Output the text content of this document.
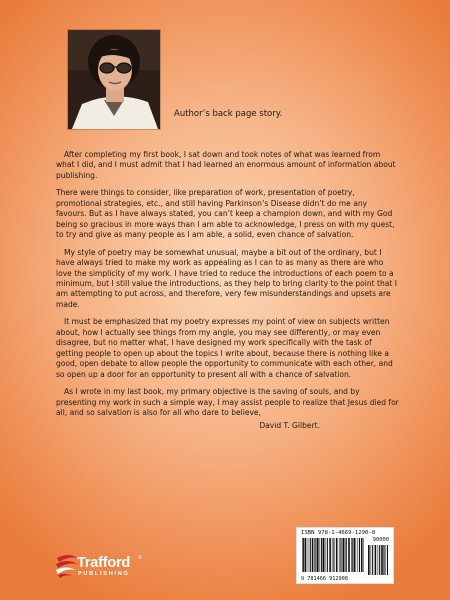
Author’s back page story.

After completing my first book, I sat down and took notes of what was learned from what I did, and I must admit that I had learned an enormous amount of information about publishing.

There were things to consider, like preparation of work, presentation of poetry, promotional strategies, etc., and still having Parkinson’s Disease didn’t do me any favours. But as I have always stated, you can’t keep a champion down, and with my God being so gracious in more ways than I am able to acknowledge, I press on with my quest, to try and give as many people as I am able, a solid, even chance of salvation.

My style of poetry may be somewhat unusual, maybe a bit out of the ordinary, but I have always tried to make my work as appealing as I can to as many as there are who love the simplicity of my work. I have tried to reduce the introductions of each poem to a minimum, but I still value the introductions, as they help to bring clarity to the point that I am attempting to put across, and therefore, very few misunderstandings and upsets are made.

It must be emphasized that my poetry expresses my point of view on subjects written about, how I actually see things from my angle, you may see differently, or may even disagree, but no matter what, I have designed my work specifically with the task of getting people to open up about the topics I write about, because there is nothing like a good, open debate to allow people the opportunity to communicate with each other, and so open up a door for an opportunity to present all with a chance of salvation.

As I wrote in my last book, my primary objective is the saving of souls, and by presenting my work in such a simple way, I may assist people to realize that Jesus died for all, and so salvation is also for all who dare to believe,

David T. Gilbert.
Trafford ®
PUBLISHING
ISBN 978-1-4669-1290-8
90000
9 781466 912908
